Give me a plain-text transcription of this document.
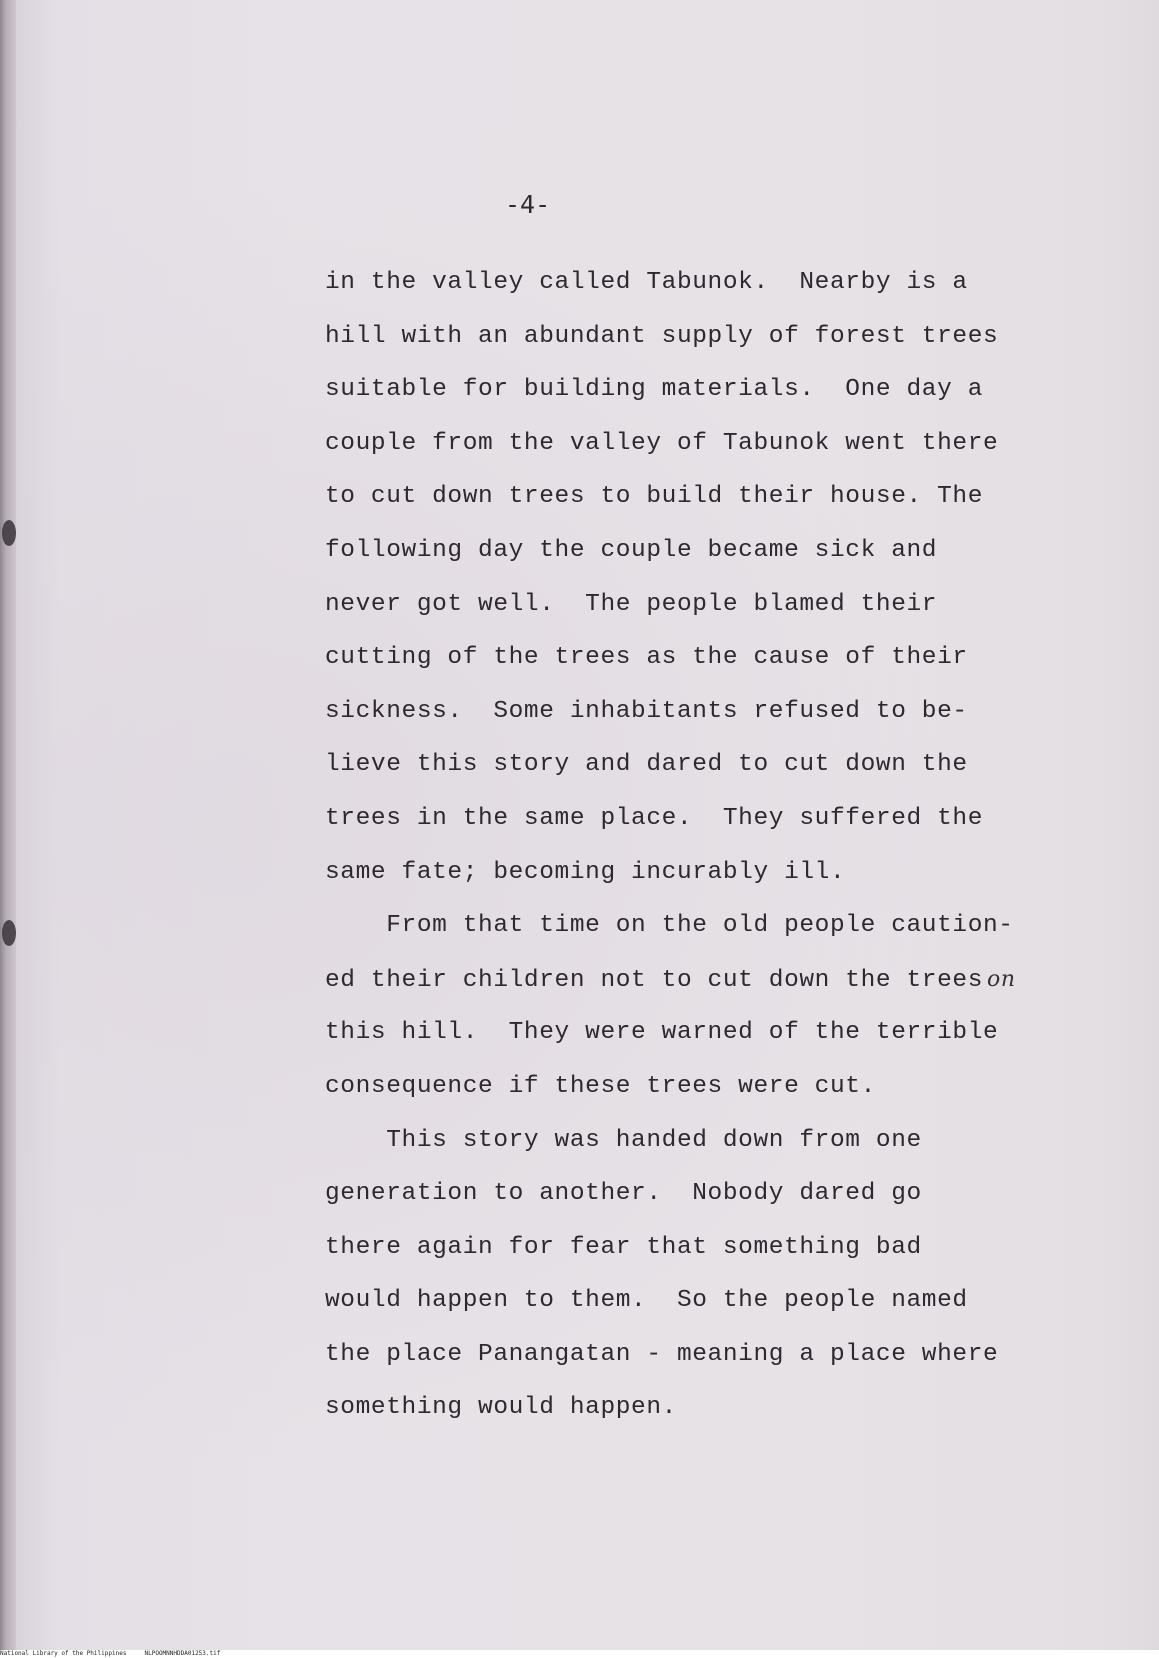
-4-
in the valley called Tabunok.  Nearby is a
hill with an abundant supply of forest trees
suitable for building materials.  One day a
couple from the valley of Tabunok went there
to cut down trees to build their house. The
following day the couple became sick and
never got well.  The people blamed their
cutting of the trees as the cause of their
sickness.  Some inhabitants refused to be-
lieve this story and dared to cut down the
trees in the same place.  They suffered the
same fate; becoming incurably ill.
From that time on the old people caution-
ed their children not to cut down the trees on
this hill.  They were warned of the terrible
consequence if these trees were cut.
This story was handed down from one
generation to another.  Nobody dared go
there again for fear that something bad
would happen to them.  So the people named
the place Panangatan - meaning a place where
something would happen.
National Library of the Philippines     NLPOOMNNHDDA01253.tif
